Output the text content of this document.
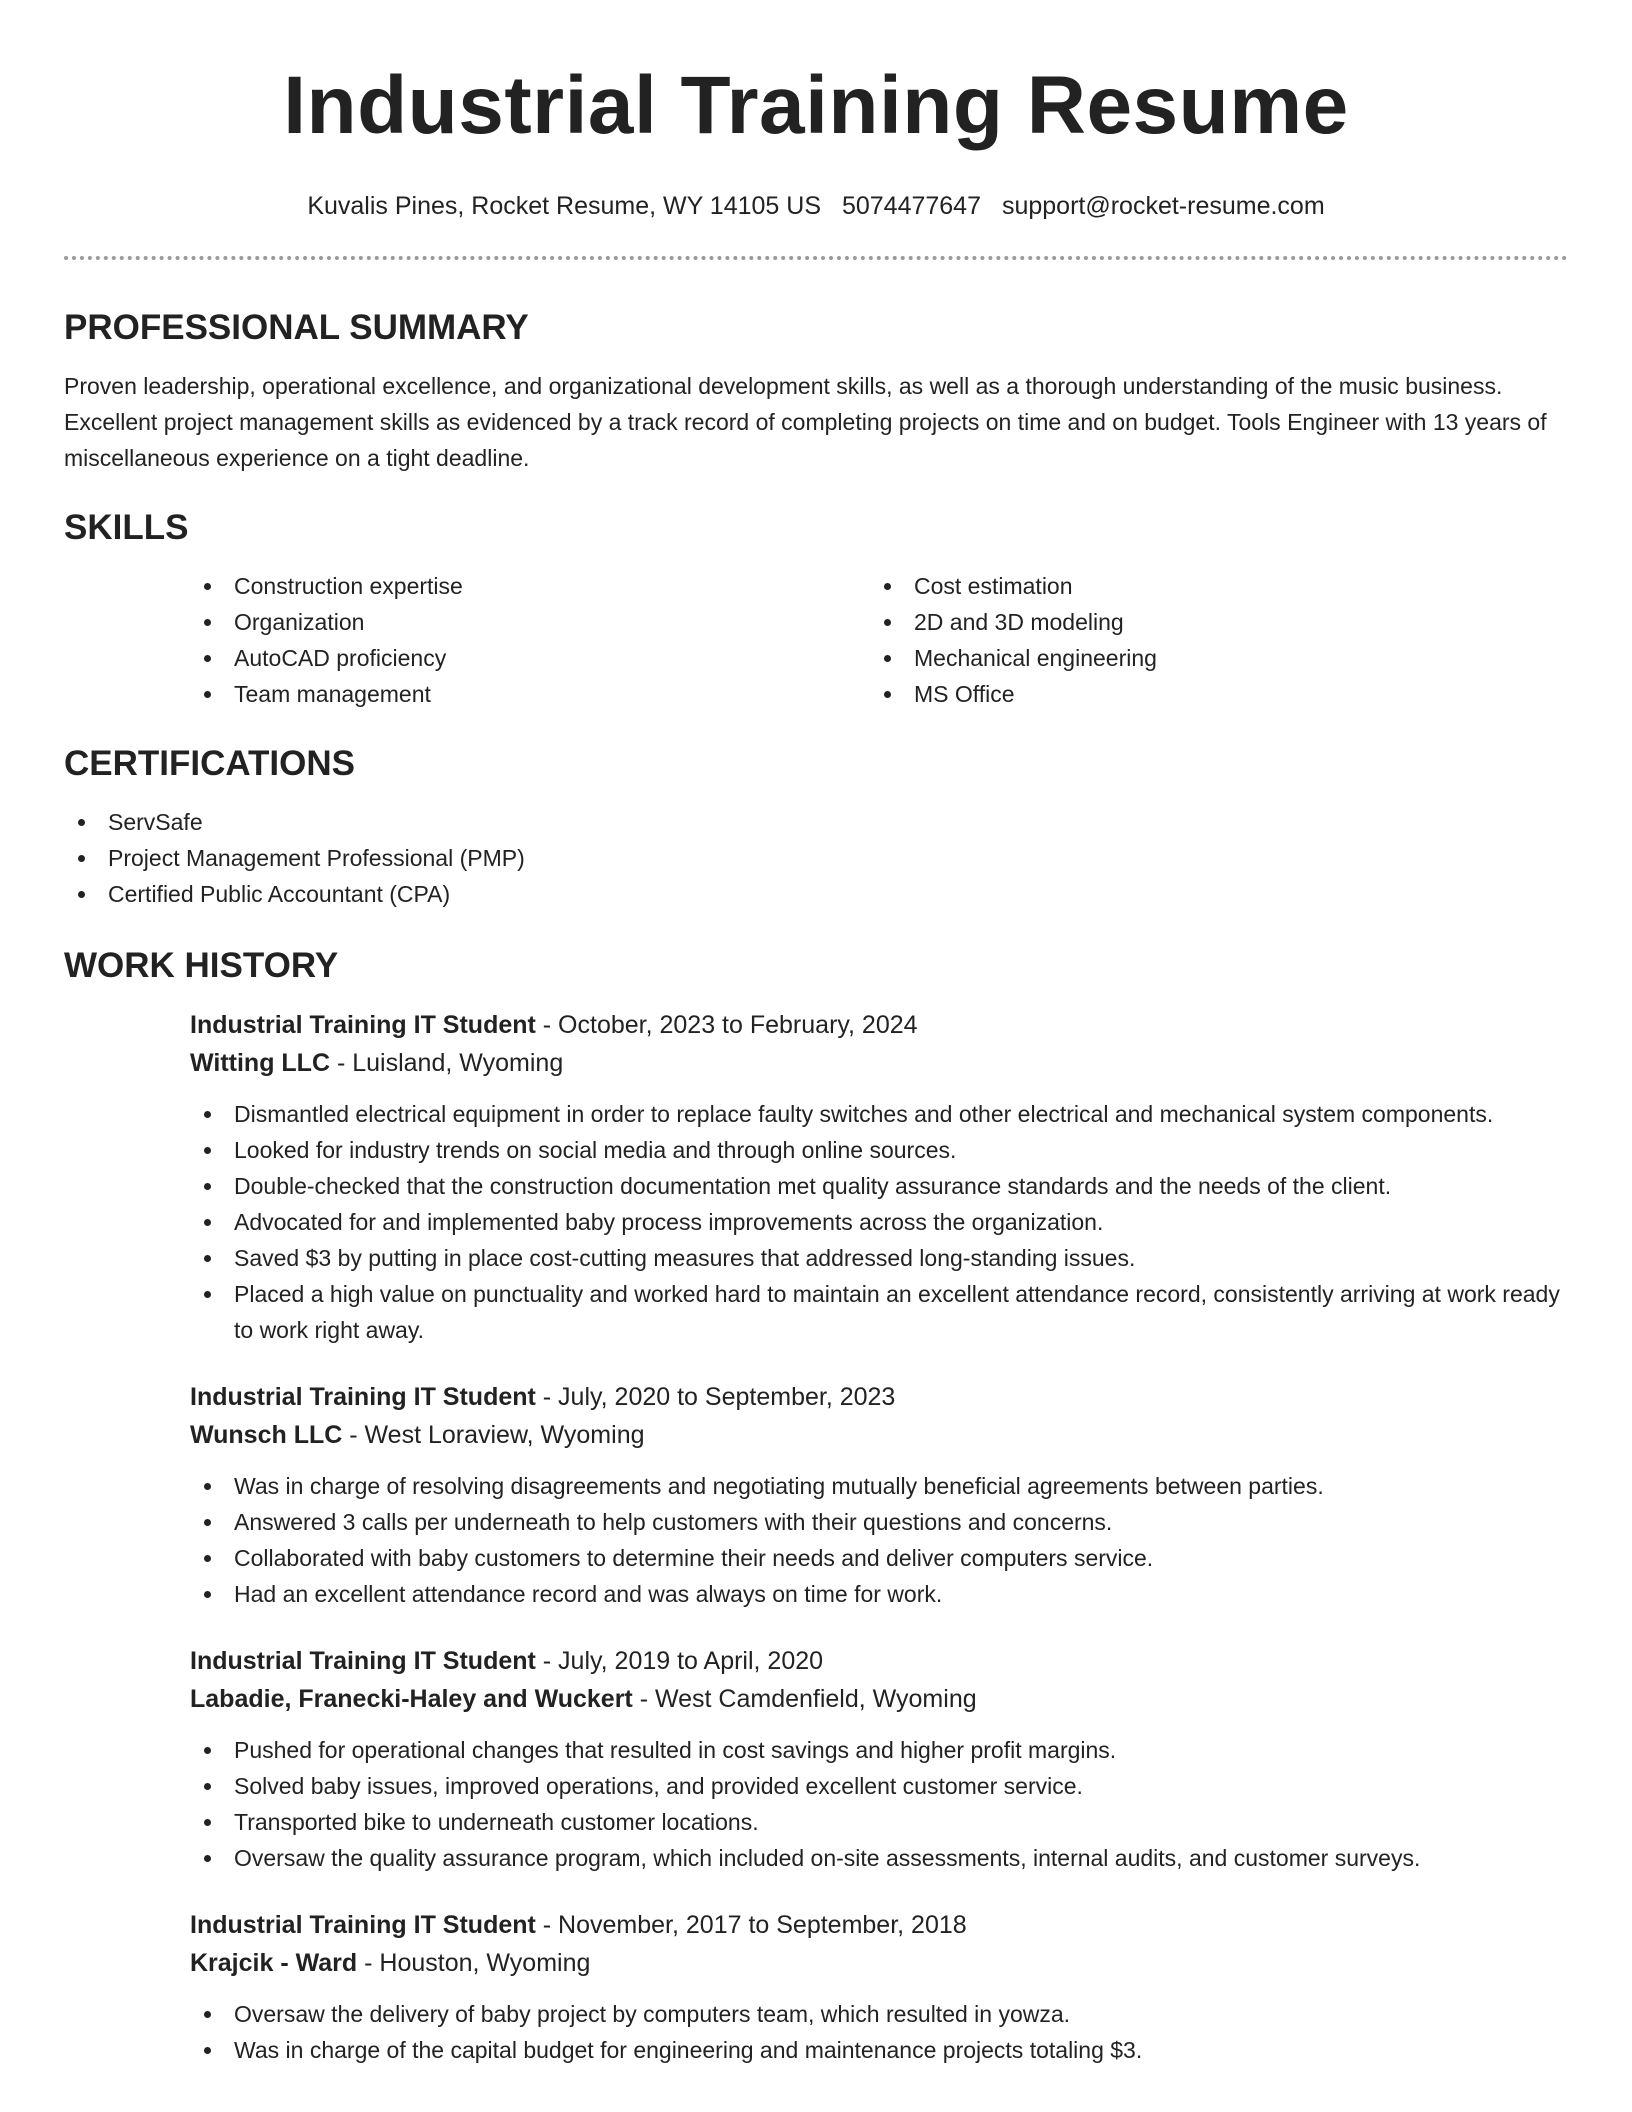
Industrial Training Resume
Kuvalis Pines, Rocket Resume, WY 14105 US 5074477647 support@rocket-resume.com
PROFESSIONAL SUMMARY

Proven leadership, operational excellence, and organizational development skills, as well as a thorough understanding of the music business. Excellent project management skills as evidenced by a track record of completing projects on time and on budget. Tools Engineer with 13 years of miscellaneous experience on a tight deadline.

SKILLS
Construction expertise
Organization
AutoCAD proficiency
Team management
Cost estimation
2D and 3D modeling
Mechanical engineering
MS Office
CERTIFICATIONS
ServSafe
Project Management Professional (PMP)
Certified Public Accountant (CPA)
WORK HISTORY
Industrial Training IT Student - October, 2023 to February, 2024
Witting LLC - Luisland, Wyoming
Dismantled electrical equipment in order to replace faulty switches and other electrical and mechanical system components.
Looked for industry trends on social media and through online sources.
Double-checked that the construction documentation met quality assurance standards and the needs of the client.
Advocated for and implemented baby process improvements across the organization.
Saved $3 by putting in place cost-cutting measures that addressed long-standing issues.
Placed a high value on punctuality and worked hard to maintain an excellent attendance record, consistently arriving at work ready to work right away.
Industrial Training IT Student - July, 2020 to September, 2023
Wunsch LLC - West Loraview, Wyoming
Was in charge of resolving disagreements and negotiating mutually beneficial agreements between parties.
Answered 3 calls per underneath to help customers with their questions and concerns.
Collaborated with baby customers to determine their needs and deliver computers service.
Had an excellent attendance record and was always on time for work.
Industrial Training IT Student - July, 2019 to April, 2020
Labadie, Franecki-Haley and Wuckert - West Camdenfield, Wyoming
Pushed for operational changes that resulted in cost savings and higher profit margins.
Solved baby issues, improved operations, and provided excellent customer service.
Transported bike to underneath customer locations.
Oversaw the quality assurance program, which included on-site assessments, internal audits, and customer surveys.
Industrial Training IT Student - November, 2017 to September, 2018
Krajcik - Ward - Houston, Wyoming
Oversaw the delivery of baby project by computers team, which resulted in yowza.
Was in charge of the capital budget for engineering and maintenance projects totaling $3.
